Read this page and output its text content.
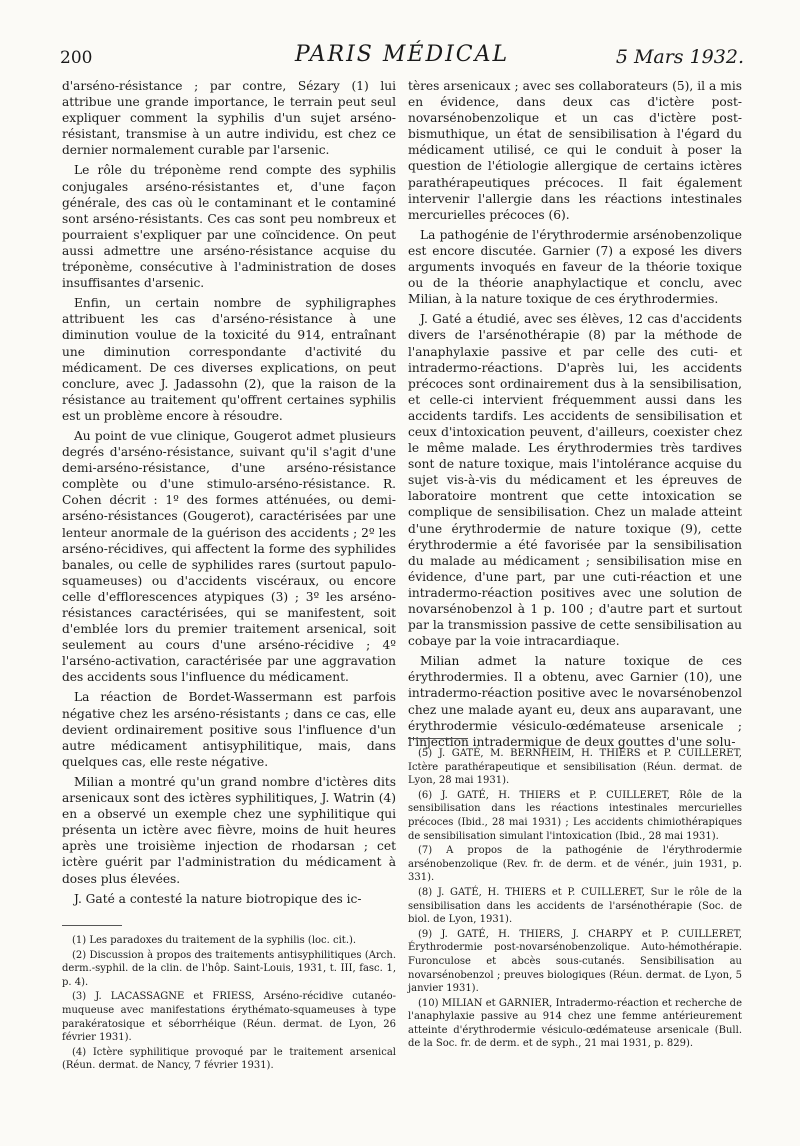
200	PARIS MÉDICAL	5 Mars 1932.

d'arséno-résistance ; par contre, Sézary (1) lui attribue une grande importance, le terrain peut seul expliquer comment la syphilis d'un sujet arséno-résistant, transmise à un autre individu, est chez ce dernier normalement curable par l'arsenic.

Le rôle du tréponème rend compte des syphilis conjugales arséno-résistantes et, d'une façon générale, des cas où le contaminant et le contaminé sont arséno-résistants. Ces cas sont peu nombreux et pourraient s'expliquer par une coïncidence. On peut aussi admettre une arséno-résistance acquise du tréponème, consécutive à l'administration de doses insuffisantes d'arsenic.

Enfin, un certain nombre de syphiligraphes attribuent les cas d'arséno-résistance à une diminution voulue de la toxicité du 914, entraînant une diminution correspondante d'activité du médicament. De ces diverses explications, on peut conclure, avec J. Jadassohn (2), que la raison de la résistance au traitement qu'offrent certaines syphilis est un problème encore à résoudre.

Au point de vue clinique, Gougerot admet plusieurs degrés d'arséno-résistance, suivant qu'il s'agit d'une demi-arséno-résistance, d'une arséno-résistance complète ou d'une stimulo-arséno-résistance. R. Cohen décrit : 1º des formes atténuées, ou demi-arséno-résistances (Gougerot), caractérisées par une lenteur anormale de la guérison des accidents ; 2º les arséno-récidives, qui affectent la forme des syphilides banales, ou celle de syphilides rares (surtout papulo-squameuses) ou d'accidents viscéraux, ou encore celle d'efflorescences atypiques (3) ; 3º les arséno-résistances caractérisées, qui se manifestent, soit d'emblée lors du premier traitement arsenical, soit seulement au cours d'une arséno-récidive ; 4º l'arséno-activation, caractérisée par une aggravation des accidents sous l'influence du médicament.

La réaction de Bordet-Wassermann est parfois négative chez les arséno-résistants ; dans ce cas, elle devient ordinairement positive sous l'influence d'un autre médicament antisyphilitique, mais, dans quelques cas, elle reste négative.

Milian a montré qu'un grand nombre d'ictères dits arsenicaux sont des ictères syphilitiques, J. Watrin (4) en a observé un exemple chez une syphilitique qui présenta un ictère avec fièvre, moins de huit heures après une troisième injection de rhodarsan ; cet ictère guérit par l'administration du médicament à doses plus élevées.

J. Gaté a contesté la nature biotropique des ic-

tères arsenicaux ; avec ses collaborateurs (5), il a mis en évidence, dans deux cas d'ictère post-novarsénobenzolique et un cas d'ictère post-bismuthique, un état de sensibilisation à l'égard du médicament utilisé, ce qui le conduit à poser la question de l'étiologie allergique de certains ictères parathérapeutiques précoces. Il fait également intervenir l'allergie dans les réactions intestinales mercurielles précoces (6).

La pathogénie de l'érythrodermie arsénobenzolique est encore discutée. Garnier (7) a exposé les divers arguments invoqués en faveur de la théorie toxique ou de la théorie anaphylactique et conclu, avec Milian, à la nature toxique de ces érythrodermies.

J. Gaté a étudié, avec ses élèves, 12 cas d'accidents divers de l'arsénothérapie (8) par la méthode de l'anaphylaxie passive et par celle des cuti- et intradermo-réactions. D'après lui, les accidents précoces sont ordinairement dus à la sensibilisation, et celle-ci intervient fréquemment aussi dans les accidents tardifs. Les accidents de sensibilisation et ceux d'intoxication peuvent, d'ailleurs, coexister chez le même malade. Les érythrodermies très tardives sont de nature toxique, mais l'intolérance acquise du sujet vis-à-vis du médicament et les épreuves de laboratoire montrent que cette intoxication se complique de sensibilisation. Chez un malade atteint d'une érythrodermie de nature toxique (9), cette érythrodermie a été favorisée par la sensibilisation du malade au médicament ; sensibilisation mise en évidence, d'une part, par une cuti-réaction et une intradermo-réaction positives avec une solution de novarsénobenzol à 1 p. 100 ; d'autre part et surtout par la transmission passive de cette sensibilisation au cobaye par la voie intracardiaque.

Milian admet la nature toxique de ces érythrodermies. Il a obtenu, avec Garnier (10), une intradermo-réaction positive avec le novarsénobenzol chez une malade ayant eu, deux ans auparavant, une érythrodermie vésiculo-œdémateuse arsenicale ; l'injection intradermique de deux gouttes d'une solu-

(1) Les paradoxes du traitement de la syphilis (loc. cit.).

(2) Discussion à propos des traitements antisyphilitiques (Arch. derm.-syphil. de la clin. de l'hôp. Saint-Louis, 1931, t. III, fasc. 1, p. 4).

(3) J. LACASSAGNE et FRIESS, Arséno-récidive cutanéo-muqueuse avec manifestations érythémato-squameuses à type parakératosique et séborrhéique (Réun. dermat. de Lyon, 26 février 1931).

(4) Ictère syphilitique provoqué par le traitement arsenical (Réun. dermat. de Nancy, 7 février 1931).

(5) J. GATÉ, M. BERNHEIM, H. THIERS et P. CUILLERET, Ictère parathérapeutique et sensibilisation (Réun. dermat. de Lyon, 28 mai 1931).

(6) J. GATÉ, H. THIERS et P. CUILLERET, Rôle de la sensibilisation dans les réactions intestinales mercurielles précoces (Ibid., 28 mai 1931) ; Les accidents chimiothérapiques de sensibilisation simulant l'intoxication (Ibid., 28 mai 1931).

(7) A propos de la pathogénie de l'érythrodermie arsénobenzolique (Rev. fr. de derm. et de vénér., juin 1931, p. 331).

(8) J. GATÉ, H. THIERS et P. CUILLERET, Sur le rôle de la sensibilisation dans les accidents de l'arsénothérapie (Soc. de biol. de Lyon, 1931).

(9) J. GATÉ, H. THIERS, J. CHARPY et P. CUILLERET, Érythrodermie post-novarsénobenzolique. Auto-hémothérapie. Furonculose et abcès sous-cutanés. Sensibilisation au novarsénobenzol ; preuves biologiques (Réun. dermat. de Lyon, 5 janvier 1931).

(10) MILIAN et GARNIER, Intradermo-réaction et recherche de l'anaphylaxie passive au 914 chez une femme antérieurement atteinte d'érythrodermie vésiculo-œdémateuse arsenicale (Bull. de la Soc. fr. de derm. et de syph., 21 mai 1931, p. 829).
